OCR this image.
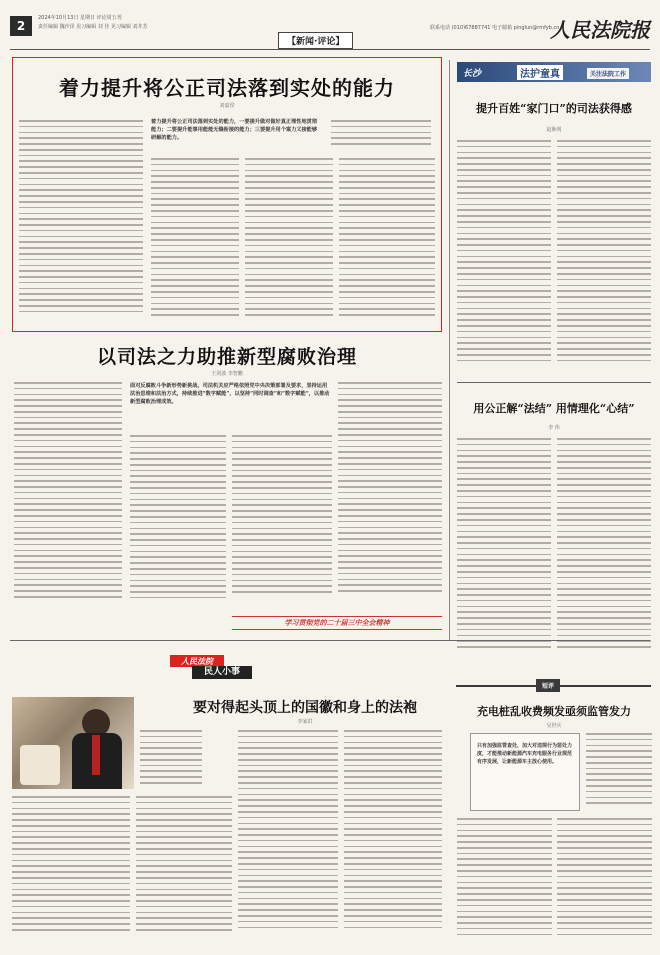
2
2024年10月13日 星期日 评论周五刊
责任编辑 魏沙泽 见习编辑 刘 佳 见习编辑 刘井芳	联系电话 (010)67887741 电子邮箱 pinglun@rmfyb.cn
人民法院报
【新闻·评论】
着力提升将公正司法落到实处的能力
刘嘉滢
着力提升将公正司法落到实处的能力，一要提升做对做好真正理性地贯彻能力；二要提升能事用能能无缝衔接的能力；三要提升用个案力又接能够研解的能力。
长沙	法护童真	关注法院工作
提升百姓“家门口”的司法获得感
赵耿明
以司法之力助推新型腐败治理
王剑波 李智鹏
面对反腐败斗争新形势新挑战，司法机关应严格依照党中央决策部署及要求，坚持运用法治思维和法治方式，持续推进“数字赋能”，以坚持“同时调查”和“数字赋能”，以推动新型腐败治理成效。
学习贯彻党的二十届三中全会精神
用公正解“法结” 用情理化“心结”
李 伟
人民法院
民人小事
要对得起头顶上的国徽和身上的法袍
李家洪
短评
充电桩乱收费频发亟须监管发力
吴世兵
只有加强监管查处，加大对违规行为惩处力度，才能推动新能源汽车充电服务行业规范有序发展，让新能源车主放心使用。
